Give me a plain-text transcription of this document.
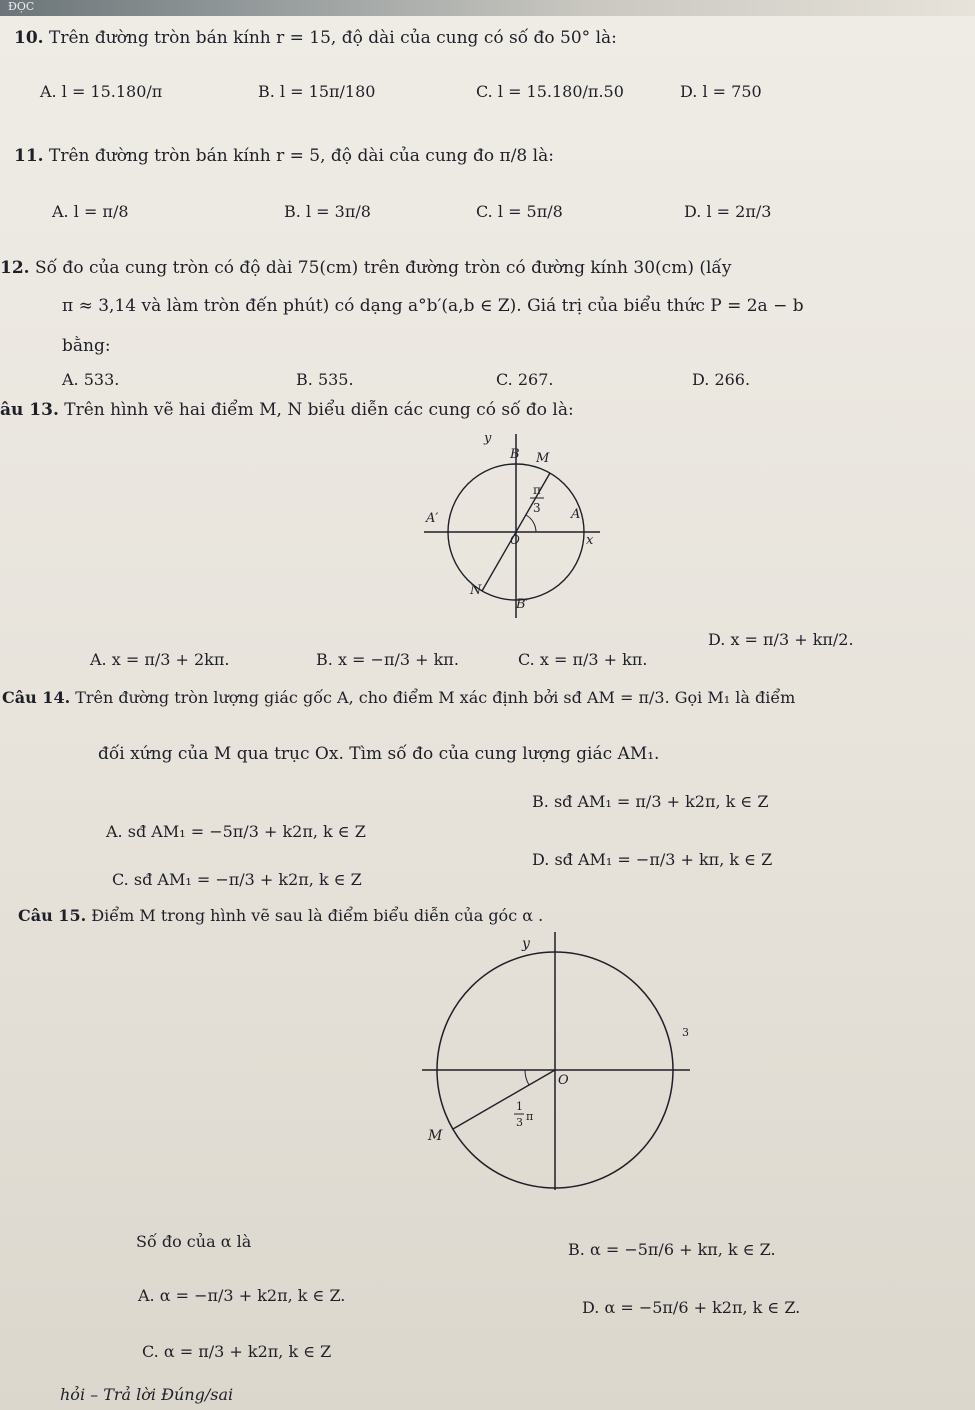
ĐỌC
10. Trên đường tròn bán kính r = 15, độ dài của cung có số đo 50° là:
A. l = 15.180/π	B. l = 15π/180	C. l = 15.180/π.50	D. l = 750
11. Trên đường tròn bán kính r = 5, độ dài của cung đo π/8 là:
A. l = π/8	B. l = 3π/8	C. l = 5π/8	D. l = 2π/3
12. Số đo của cung tròn có độ dài 75(cm) trên đường tròn có đường kính 30(cm) (lấy
π ≈ 3,14 và làm tròn đến phút) có dạng a°b′(a,b ∈ Z). Giá trị của biểu thức P = 2a − b
bằng:
A. 533.	B. 535.	C. 267.	D. 266.
âu 13. Trên hình vẽ hai điểm M, N biểu diễn các cung có số đo là:
y
x
O
A
A′
B
B′
M
N
π
3
A. x = π/3 + 2kπ.	B. x = −π/3 + kπ.	C. x = π/3 + kπ.
D. x = π/3 + kπ/2.
Câu 14. Trên đường tròn lượng giác gốc A, cho điểm M xác định bởi sđ AM = π/3. Gọi M₁ là điểm
đối xứng của M qua trục Ox. Tìm số đo của cung lượng giác AM₁.
A. sđ AM₁ = −5π/3 + k2π, k ∈ Z
B. sđ AM₁ = π/3 + k2π, k ∈ Z
C. sđ AM₁ = −π/3 + k2π, k ∈ Z
D. sđ AM₁ = −π/3 + kπ, k ∈ Z
Câu 15. Điểm M trong hình vẽ sau là điểm biểu diễn của góc α .
y
O
M
3
1
3 π
Số đo của α là
A. α = −π/3 + k2π, k ∈ Z.
B. α = −5π/6 + kπ, k ∈ Z.
C. α = π/3 + k2π, k ∈ Z
D. α = −5π/6 + k2π, k ∈ Z.
hỏi – Trả lời Đúng/sai
